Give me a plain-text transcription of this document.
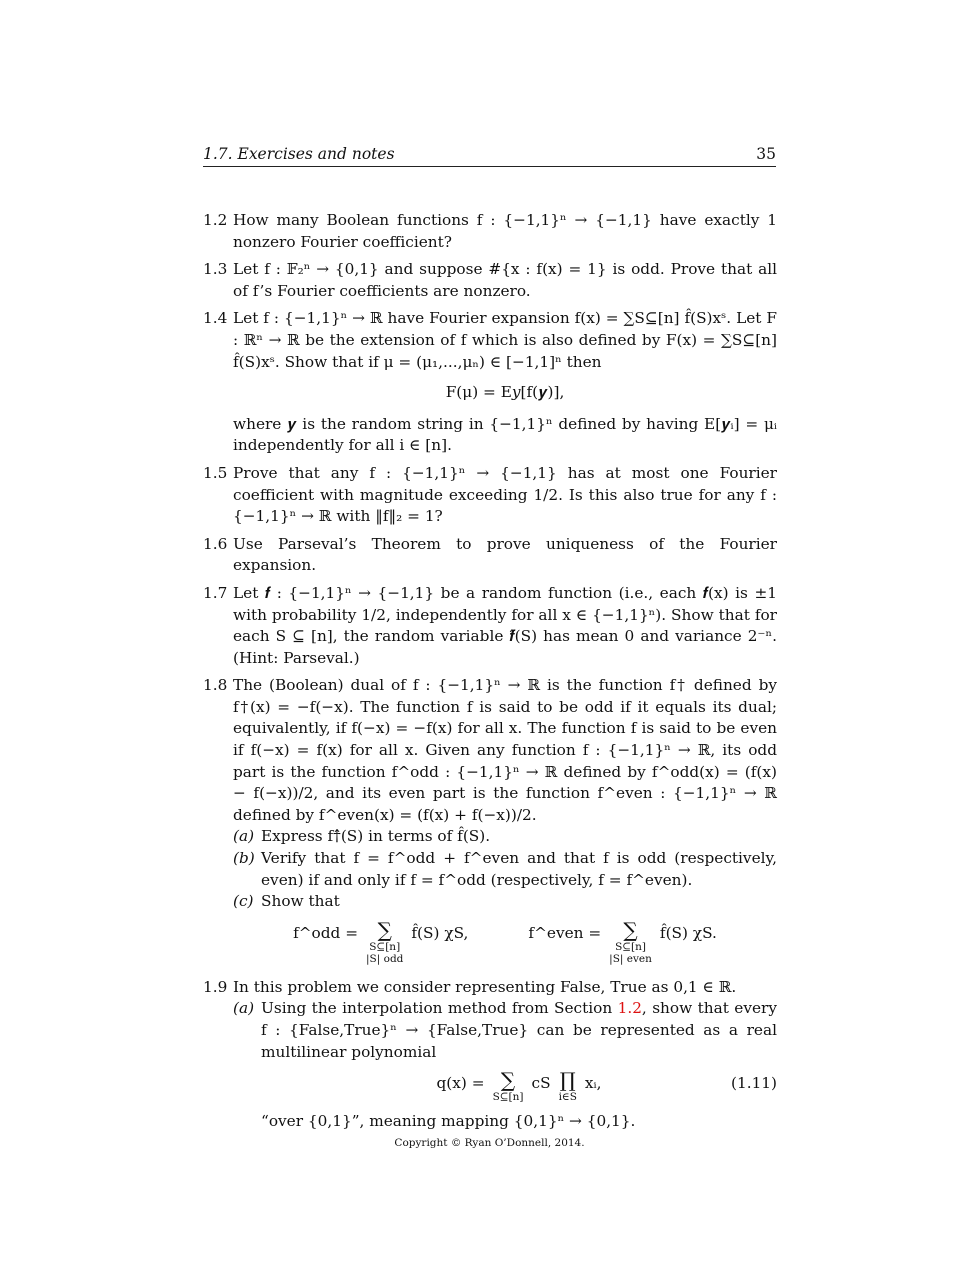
1.7. Exercises and notes	35
1.2 How many Boolean functions f : {−1,1}ⁿ → {−1,1} have exactly 1 nonzero Fourier coefficient?
1.3 Let f : 𝔽₂ⁿ → {0,1} and suppose #{x : f(x) = 1} is odd. Prove that all of f’s Fourier coefficients are nonzero.
1.4 Let f : {−1,1}ⁿ → ℝ have Fourier expansion f(x) = ∑S⊆[n] f̂(S)xˢ. Let F : ℝⁿ → ℝ be the extension of f which is also defined by F(x) = ∑S⊆[n] f̂(S)xˢ. Show that if μ = (μ₁,...,μₙ) ∈ [−1,1]ⁿ then
F(μ) = E𝑦[f(𝒚)],
where 𝒚 is the random string in {−1,1}ⁿ defined by having E[𝒚ᵢ] = μᵢ independently for all i ∈ [n].
1.5 Prove that any f : {−1,1}ⁿ → {−1,1} has at most one Fourier coefficient with magnitude exceeding 1/2. Is this also true for any f : {−1,1}ⁿ → ℝ with ‖f‖₂ = 1?
1.6 Use Parseval’s Theorem to prove uniqueness of the Fourier expansion.
1.7 Let 𝒇 : {−1,1}ⁿ → {−1,1} be a random function (i.e., each 𝒇(x) is ±1 with probability 1/2, independently for all x ∈ {−1,1}ⁿ). Show that for each S ⊆ [n], the random variable 𝒇̂(S) has mean 0 and variance 2⁻ⁿ. (Hint: Parseval.)
1.8 The (Boolean) dual of f : {−1,1}ⁿ → ℝ is the function f† defined by f†(x) = −f(−x). The function f is said to be odd if it equals its dual; equivalently, if f(−x) = −f(x) for all x. The function f is said to be even if f(−x) = f(x) for all x. Given any function f : {−1,1}ⁿ → ℝ, its odd part is the function f^odd : {−1,1}ⁿ → ℝ defined by f^odd(x) = (f(x) − f(−x))/2, and its even part is the function f^even : {−1,1}ⁿ → ℝ defined by f^even(x) = (f(x) + f(−x))/2.
(a) Express f†̂(S) in terms of f̂(S).
(b) Verify that f = f^odd + f^even and that f is odd (respectively, even) if and only if f = f^odd (respectively, f = f^even).
(c) Show that
f^odd = ∑
S⊆[n]
|S| odd
f̂(S) χS,	f^even = ∑
S⊆[n]
|S| even
f̂(S) χS.
1.9 In this problem we consider representing False, True as 0,1 ∈ ℝ.
(a) Using the interpolation method from Section 1.2, show that every f : {False,True}ⁿ → {False,True} can be represented as a real multilinear polynomial
q(x) = ∑
S⊆[n]
cS ∏
i∈S
xᵢ,	(1.11)
“over {0,1}”, meaning mapping {0,1}ⁿ → {0,1}.
Copyright © Ryan O’Donnell, 2014.
